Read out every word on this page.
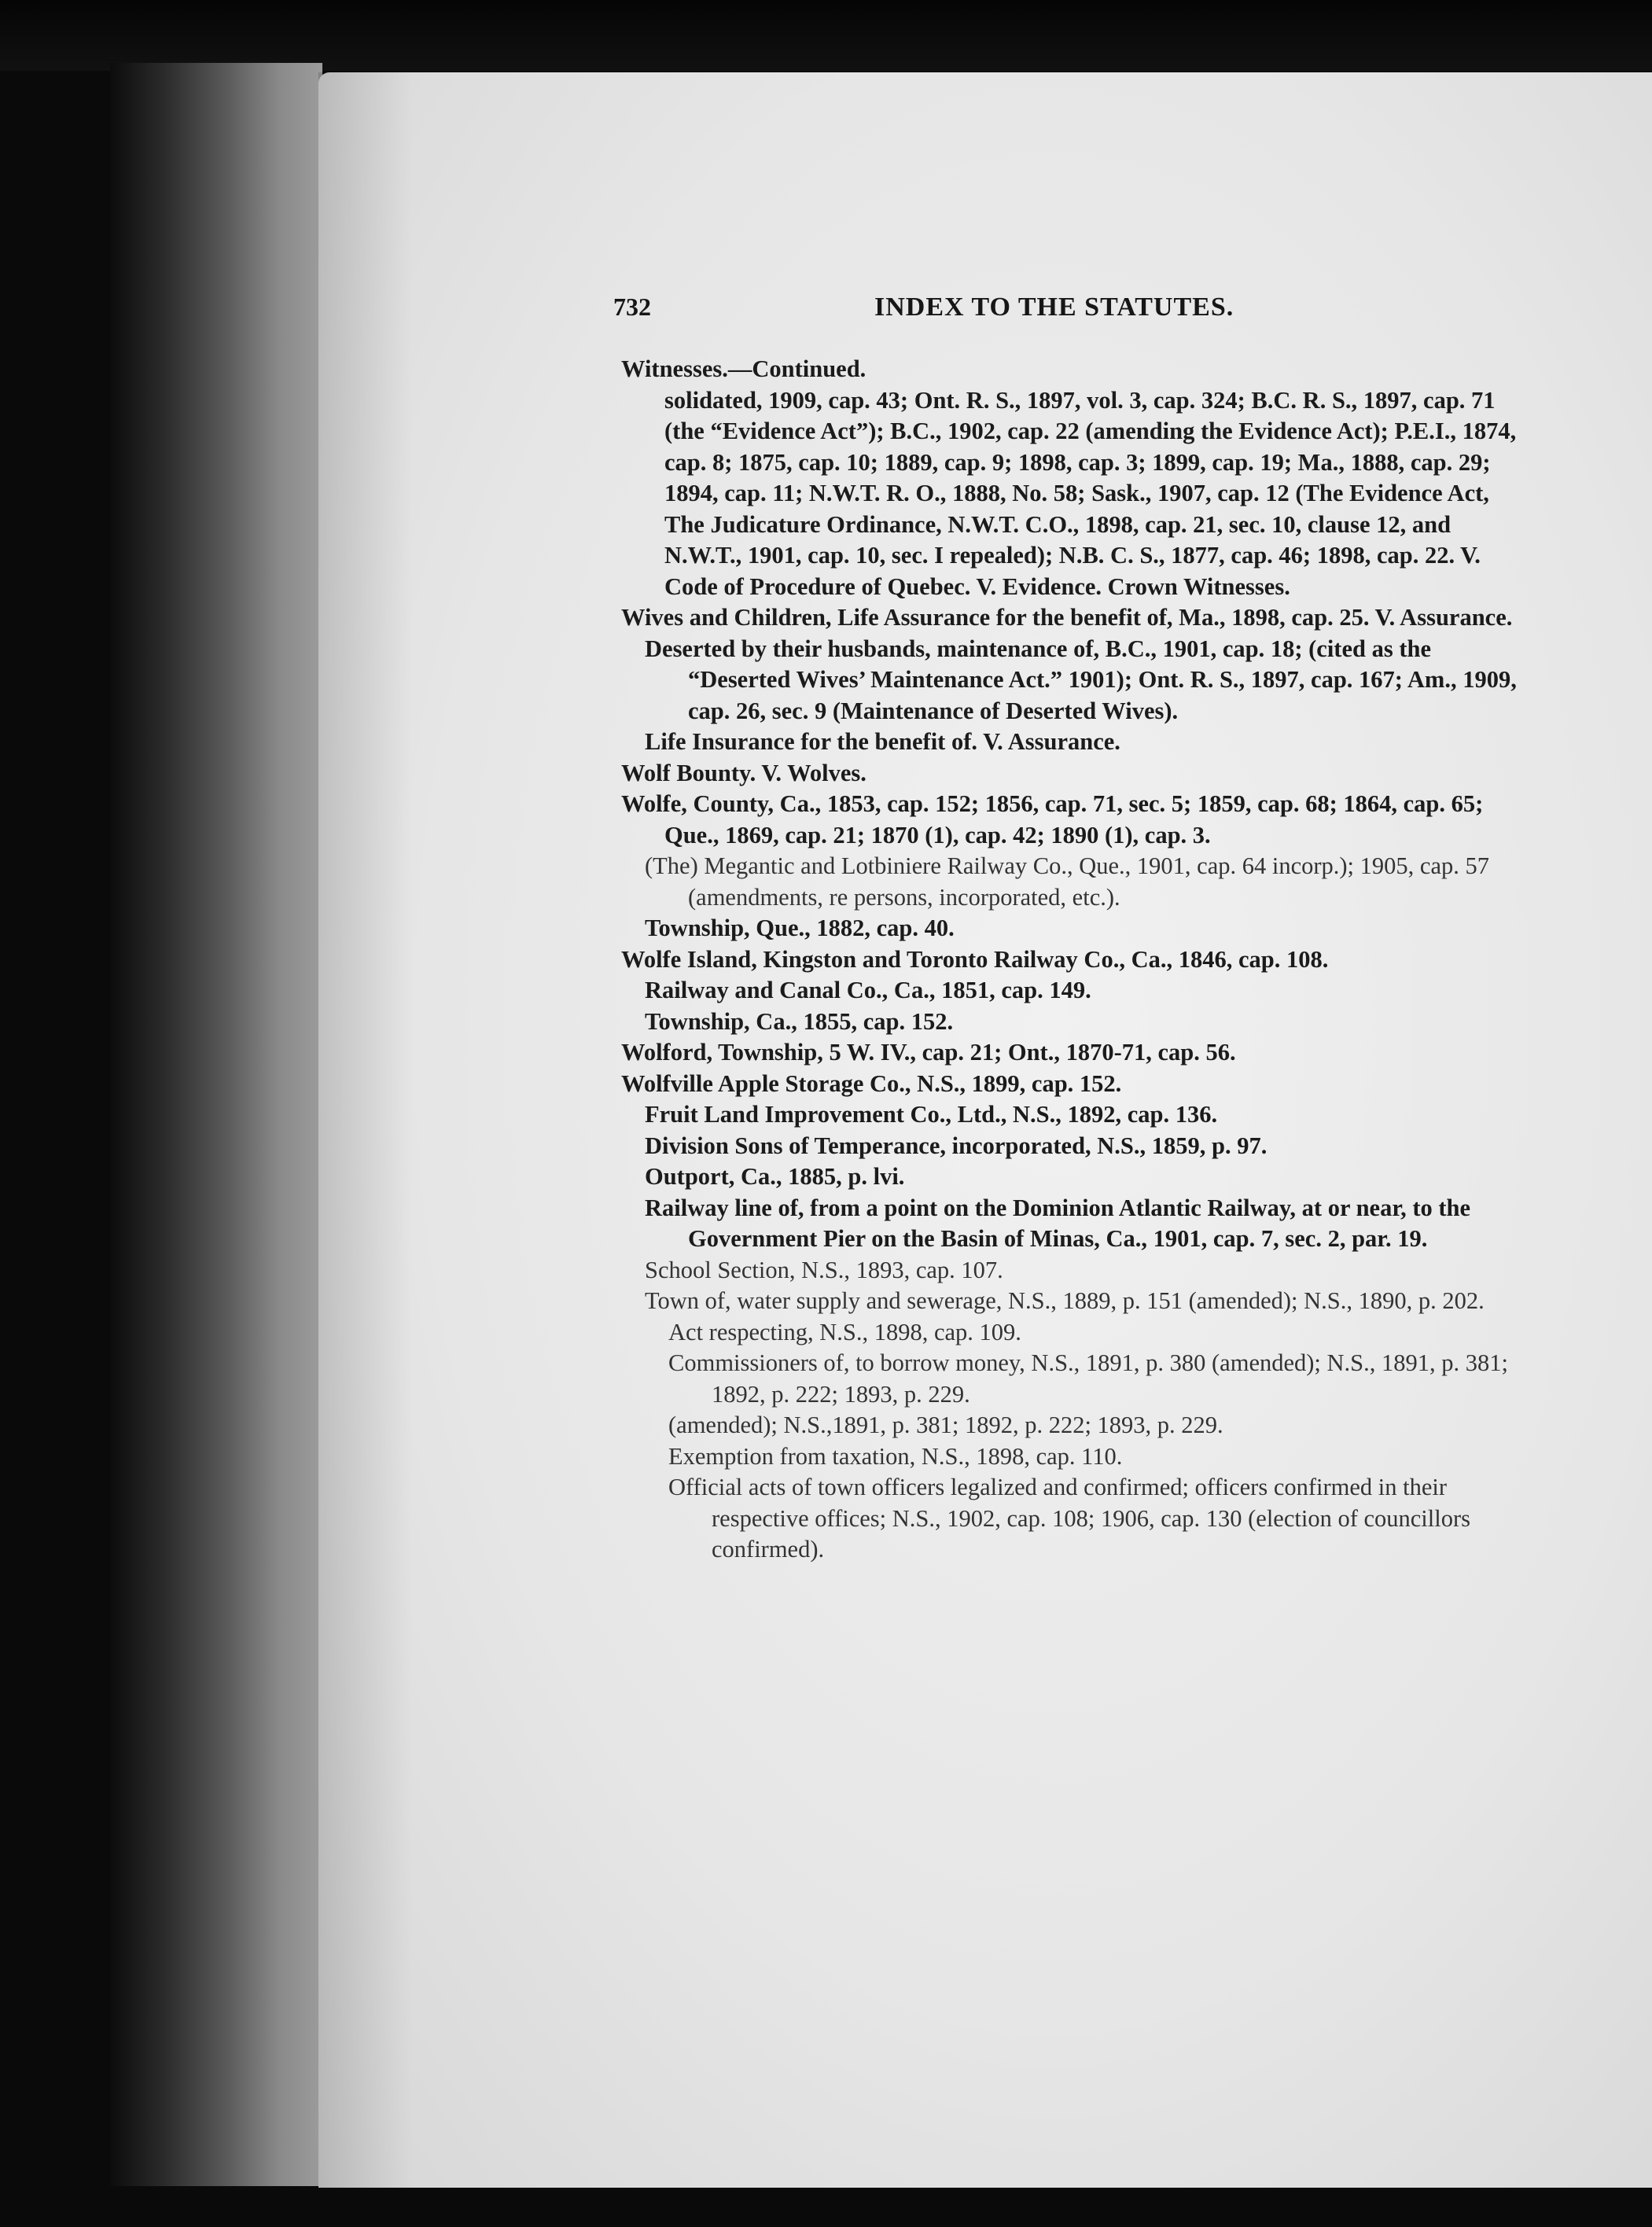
732	INDEX TO THE STATUTES.

Witnesses.—Continued.

solidated, 1909, cap. 43; Ont. R. S., 1897, vol. 3, cap. 324; B.C. R. S., 1897, cap. 71 (the “Evidence Act”); B.C., 1902, cap. 22 (amending the Evidence Act); P.E.I., 1874, cap. 8; 1875, cap. 10; 1889, cap. 9; 1898, cap. 3; 1899, cap. 19; Ma., 1888, cap. 29; 1894, cap. 11; N.W.T. R. O., 1888, No. 58; Sask., 1907, cap. 12 (The Evidence Act, The Judicature Ordinance, N.W.T. C.O., 1898, cap. 21, sec. 10, clause 12, and N.W.T., 1901, cap. 10, sec. I repealed); N.B. C. S., 1877, cap. 46; 1898, cap. 22. V. Code of Procedure of Quebec. V. Evidence. Crown Witnesses.

Wives and Children, Life Assurance for the benefit of, Ma., 1898, cap. 25. V. Assurance.

Deserted by their husbands, maintenance of, B.C., 1901, cap. 18; (cited as the “Deserted Wives’ Maintenance Act.” 1901); Ont. R. S., 1897, cap. 167; Am., 1909, cap. 26, sec. 9 (Maintenance of Deserted Wives).

Life Insurance for the benefit of. V. Assurance.

Wolf Bounty. V. Wolves.

Wolfe, County, Ca., 1853, cap. 152; 1856, cap. 71, sec. 5; 1859, cap. 68; 1864, cap. 65; Que., 1869, cap. 21; 1870 (1), cap. 42; 1890 (1), cap. 3.

(The) Megantic and Lotbiniere Railway Co., Que., 1901, cap. 64 incorp.); 1905, cap. 57 (amendments, re persons, incorporated, etc.).

Township, Que., 1882, cap. 40.

Wolfe Island, Kingston and Toronto Railway Co., Ca., 1846, cap. 108.

Railway and Canal Co., Ca., 1851, cap. 149.

Township, Ca., 1855, cap. 152.

Wolford, Township, 5 W. IV., cap. 21; Ont., 1870-71, cap. 56.

Wolfville Apple Storage Co., N.S., 1899, cap. 152.

Fruit Land Improvement Co., Ltd., N.S., 1892, cap. 136.

Division Sons of Temperance, incorporated, N.S., 1859, p. 97.

Outport, Ca., 1885, p. lvi.

Railway line of, from a point on the Dominion Atlantic Railway, at or near, to the Government Pier on the Basin of Minas, Ca., 1901, cap. 7, sec. 2, par. 19.

School Section, N.S., 1893, cap. 107.

Town of, water supply and sewerage, N.S., 1889, p. 151 (amended); N.S., 1890, p. 202.

Act respecting, N.S., 1898, cap. 109.

Commissioners of, to borrow money, N.S., 1891, p. 380 (amended); N.S., 1891, p. 381; 1892, p. 222; 1893, p. 229.

(amended); N.S.,1891, p. 381; 1892, p. 222; 1893, p. 229.

Exemption from taxation, N.S., 1898, cap. 110.

Official acts of town officers legalized and confirmed; officers confirmed in their respective offices; N.S., 1902, cap. 108; 1906, cap. 130 (election of councillors confirmed).
